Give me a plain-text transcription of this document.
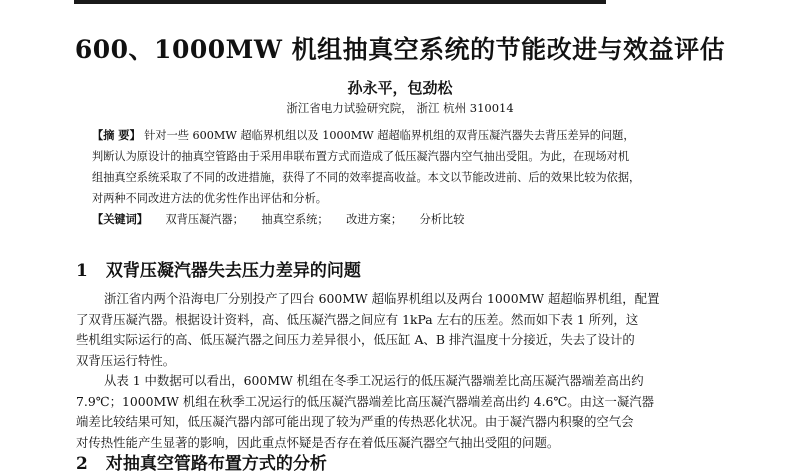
600、1000MW 机组抽真空系统的节能改进与效益评估
孙永平，包劲松
浙江省电力试验研究院， 浙江 杭州 310014
【摘 要】 针对一些 600MW 超临界机组以及 1000MW 超超临界机组的双背压凝汽器失去背压差异的问题，
判断认为原设计的抽真空管路由于采用串联布置方式而造成了低压凝汽器内空气抽出受阻。为此，在现场对机
组抽真空系统采取了不同的改进措施，获得了不同的效率提高收益。本文以节能改进前、后的效果比较为依据，
对两种不同改进方法的优劣性作出评估和分析。
【关键词】 双背压凝汽器； 抽真空系统； 改进方案； 分析比较
1 双背压凝汽器失去压力差异的问题
浙江省内两个沿海电厂分别投产了四台 600MW 超临界机组以及两台 1000MW 超超临界机组，配置
了双背压凝汽器。根据设计资料，高、低压凝汽器之间应有 1kPa 左右的压差。然而如下表 1 所列，这
些机组实际运行的高、低压凝汽器之间压力差异很小，低压缸 A、B 排汽温度十分接近，失去了设计的
双背压运行特性。
从表 1 中数据可以看出，600MW 机组在冬季工况运行的低压凝汽器端差比高压凝汽器端差高出约
7.9℃；1000MW 机组在秋季工况运行的低压凝汽器端差比高压凝汽器端差高出约 4.6℃。由这一凝汽器
端差比较结果可知，低压凝汽器内部可能出现了较为严重的传热恶化状况。由于凝汽器内积聚的空气会
对传热性能产生显著的影响，因此重点怀疑是否存在着低压凝汽器空气抽出受阻的问题。
2 对抽真空管路布置方式的分析
